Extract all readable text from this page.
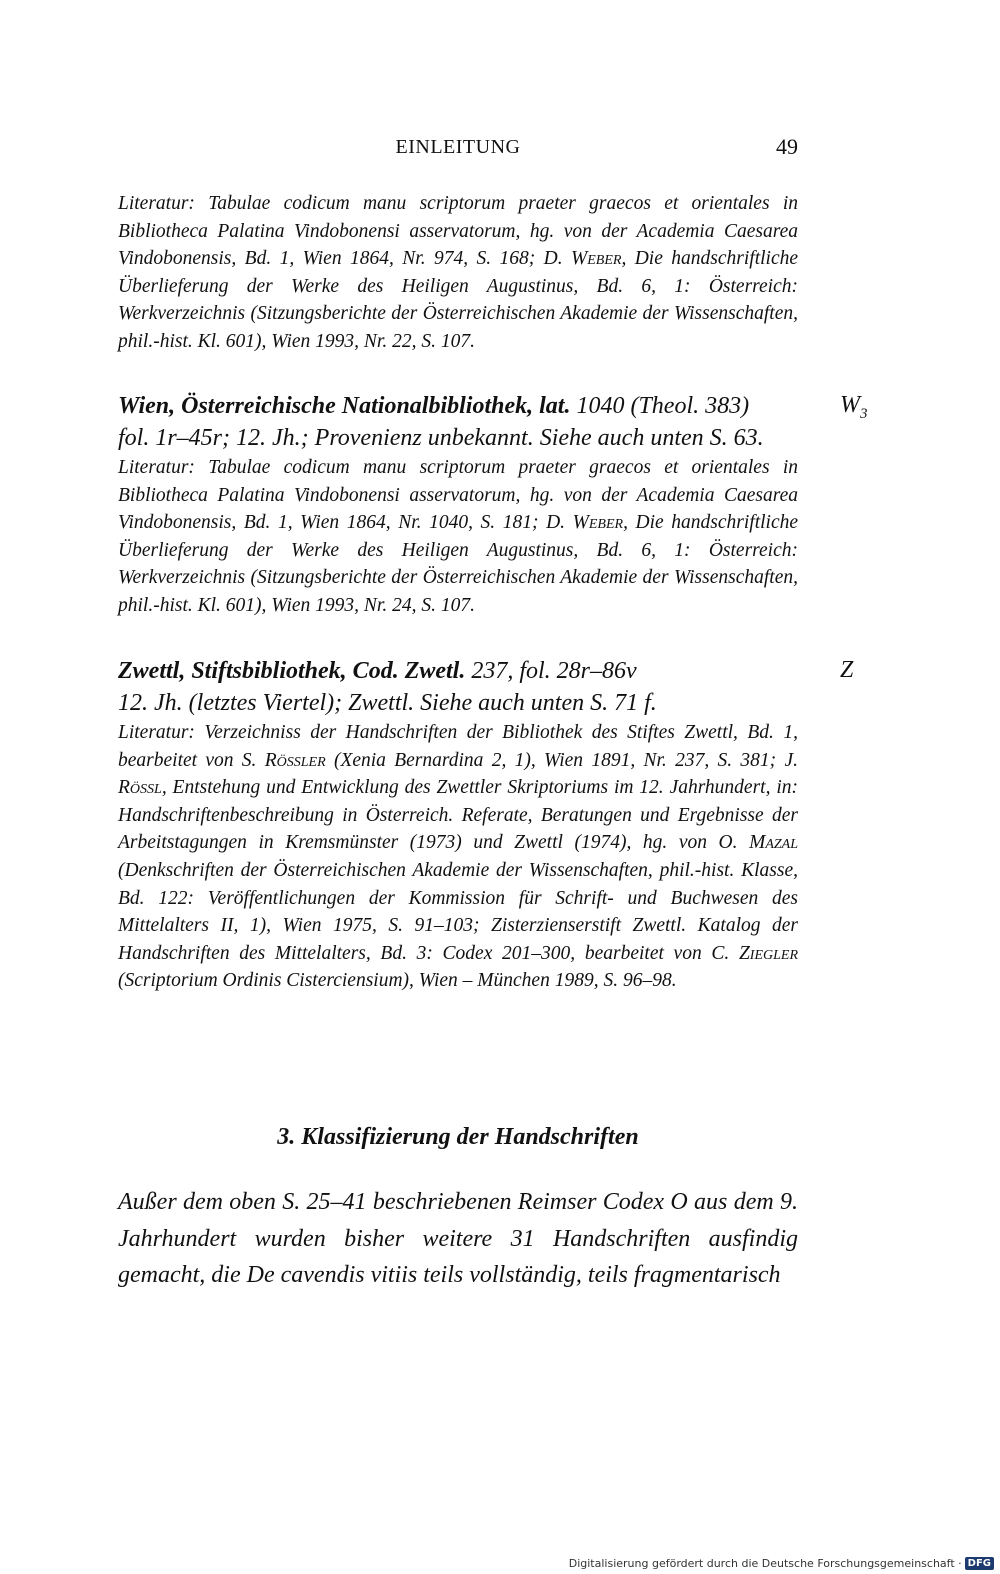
EINLEITUNG	49

Literatur: Tabulae codicum manu scriptorum praeter graecos et orientales in Bibliotheca Palatina Vindobonensi asservatorum, hg. von der Academia Caesarea Vindobonensis, Bd. 1, Wien 1864, Nr. 974, S. 168; D. Weber, Die handschriftliche Überlieferung der Werke des Heiligen Augustinus, Bd. 6, 1: Österreich: Werkverzeichnis (Sitzungsberichte der Österreichischen Akademie der Wissenschaften, phil.-hist. Kl. 601), Wien 1993, Nr. 22, S. 107.

Wien, Österreichische Nationalbibliothek, lat. 1040 (Theol. 383)
fol. 1r–45r; 12. Jh.; Provenienz unbekannt. Siehe auch unten S. 63.

$W_3$

Literatur: Tabulae codicum manu scriptorum praeter graecos et orientales in Bibliotheca Palatina Vindobonensi asservatorum, hg. von der Academia Caesarea Vindobonensis, Bd. 1, Wien 1864, Nr. 1040, S. 181; D. Weber, Die handschriftliche Überlieferung der Werke des Heiligen Augustinus, Bd. 6, 1: Österreich: Werkverzeichnis (Sitzungsberichte der Österreichischen Akademie der Wissenschaften, phil.-hist. Kl. 601), Wien 1993, Nr. 24, S. 107.

Zwettl, Stiftsbibliothek, Cod. Zwetl. 237, fol. 28r–86v
12. Jh. (letztes Viertel); Zwettl. Siehe auch unten S. 71 f.

Z

Literatur: Verzeichniss der Handschriften der Bibliothek des Stiftes Zwettl, Bd. 1, bearbeitet von S. Rössler (Xenia Bernardina 2, 1), Wien 1891, Nr. 237, S. 381; J. Rössl, Entstehung und Entwicklung des Zwettler Skriptoriums im 12. Jahrhundert, in: Handschriftenbeschreibung in Österreich. Referate, Beratungen und Ergebnisse der Arbeitstagungen in Kremsmünster (1973) und Zwettl (1974), hg. von O. Mazal (Denkschriften der Österreichischen Akademie der Wissenschaften, phil.-hist. Klasse, Bd. 122: Veröffentlichungen der Kommission für Schrift- und Buchwesen des Mittelalters II, 1), Wien 1975, S. 91–103; Zisterzienserstift Zwettl. Katalog der Handschriften des Mittelalters, Bd. 3: Codex 201–300, bearbeitet von C. Ziegler (Scriptorium Ordinis Cisterciensium), Wien – München 1989, S. 96–98.

3. Klassifizierung der Handschriften

Außer dem oben S. 25–41 beschriebenen Reimser Codex O aus dem 9. Jahrhundert wurden bisher weitere 31 Handschriften ausfindig gemacht, die De cavendis vitiis teils vollständig, teils fragmentarisch

Digitalisierung gefördert durch die Deutsche Forschungsgemeinschaft · DFG
